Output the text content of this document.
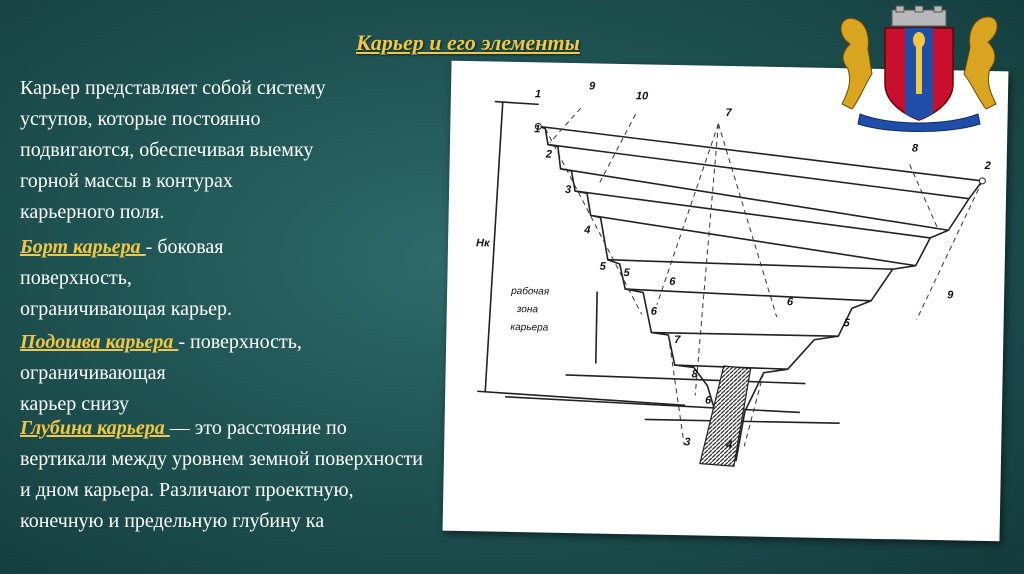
Карьер и его элементы
Карьер представляет собой систему
уступов, которые постоянно
подвигаются, обеспечивая выемку
горной массы в контурах
карьерного поля.
Борт карьера - боковая
поверхность,
ограничивающая карьер.
Подошва карьера - поверхность,
ограничивающая
карьер снизу
Глубина карьера — это расстояние по
вертикали между уровнем земной поверхности
и дном карьера. Различают проектную,
конечную и предельную глубину ка
1
1
2
2
3
3
4
4
5
5
5
6
6
6
6
7
7
8
8
9
9
10
Hк
рабочая
зона
карьера
